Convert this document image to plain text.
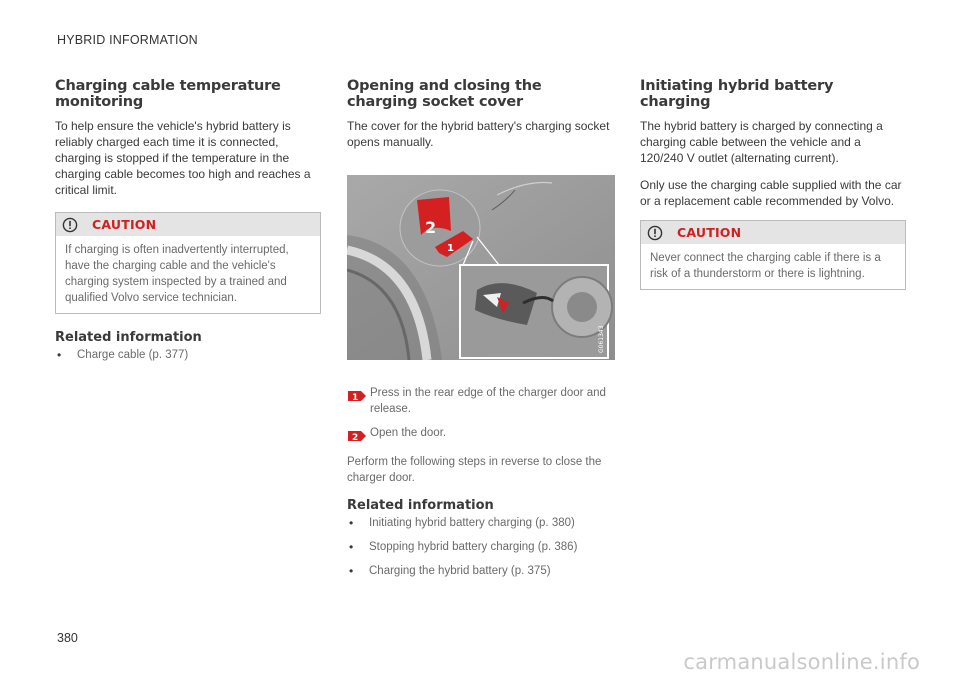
HYBRID INFORMATION
Charging cable temperature monitoring

To help ensure the vehicle's hybrid battery is reliably charged each time it is connected, charging is stopped if the temperature in the charging cable becomes too high and reaches a critical limit.

CAUTION
If charging is often inadvertently interrupted, have the charging cable and the vehicle's charging system inspected by a trained and qualified Volvo service technician.
Related information
• Charge cable (p. 377)
Opening and closing the charging socket cover

The cover for the hybrid battery's charging socket opens manually.

2
1
G061343
1 Press in the rear edge of the charger door and release.
2 Open the door.

Perform the following steps in reverse to close the charger door.

Related information
• Initiating hybrid battery charging (p. 380)
• Stopping hybrid battery charging (p. 386)
• Charging the hybrid battery (p. 375)
Initiating hybrid battery charging

The hybrid battery is charged by connecting a charging cable between the vehicle and a 120/240 V outlet (alternating current).

Only use the charging cable supplied with the car or a replacement cable recommended by Volvo.

CAUTION
Never connect the charging cable if there is a risk of a thunderstorm or there is lightning.
380
carmanualsonline.info
